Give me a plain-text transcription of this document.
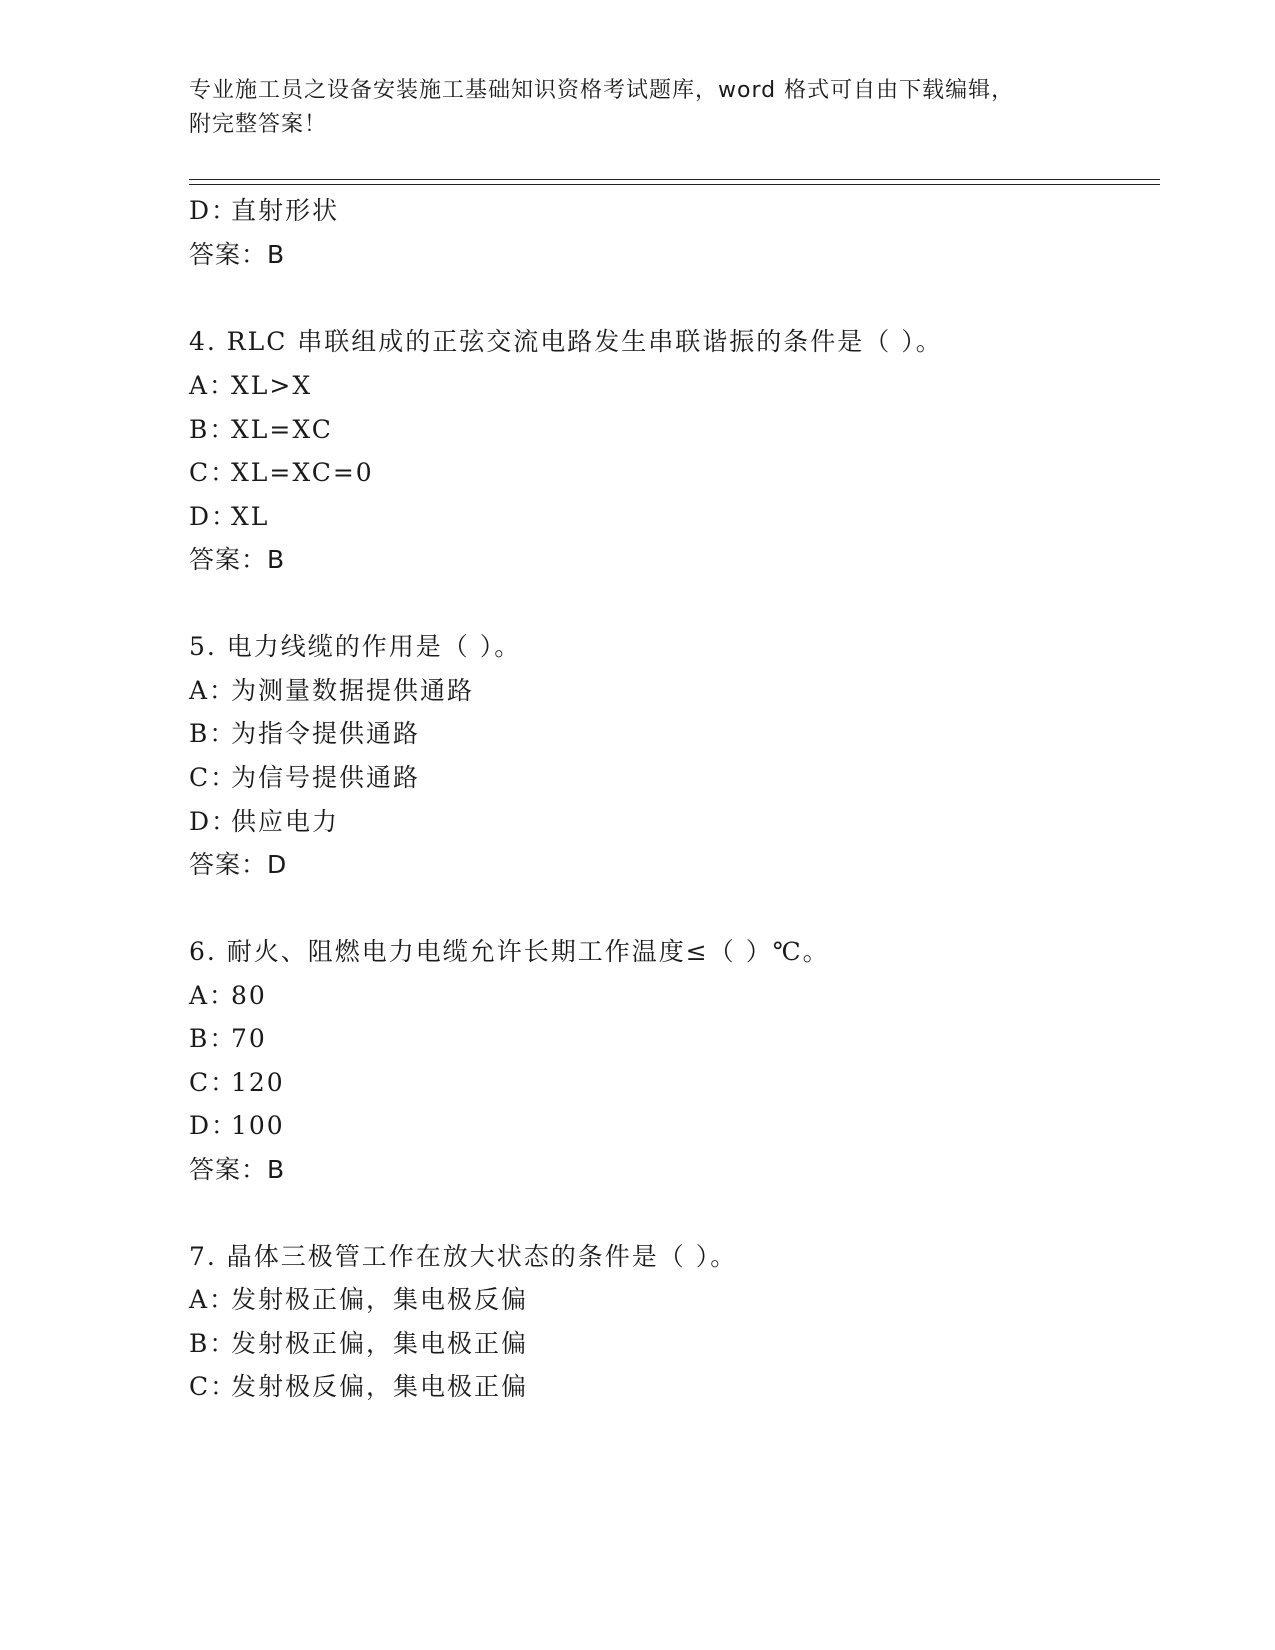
专业施工员之设备安装施工基础知识资格考试题库，word 格式可自由下载编辑，
附完整答案！
D：直射形状
答案：B
4. RLC 串联组成的正弦交流电路发生串联谐振的条件是（ ）。
A：XL>X
B：XL=XC
C：XL=XC=0
D：XL
答案：B
5. 电力线缆的作用是（ ）。
A：为测量数据提供通路
B：为指令提供通路
C：为信号提供通路
D：供应电力
答案：D
6. 耐火、阻燃电力电缆允许长期工作温度≤（ ）℃。
A：80
B：70
C：120
D：100
答案：B
7. 晶体三极管工作在放大状态的条件是（ ）。
A：发射极正偏，集电极反偏
B：发射极正偏，集电极正偏
C：发射极反偏，集电极正偏
